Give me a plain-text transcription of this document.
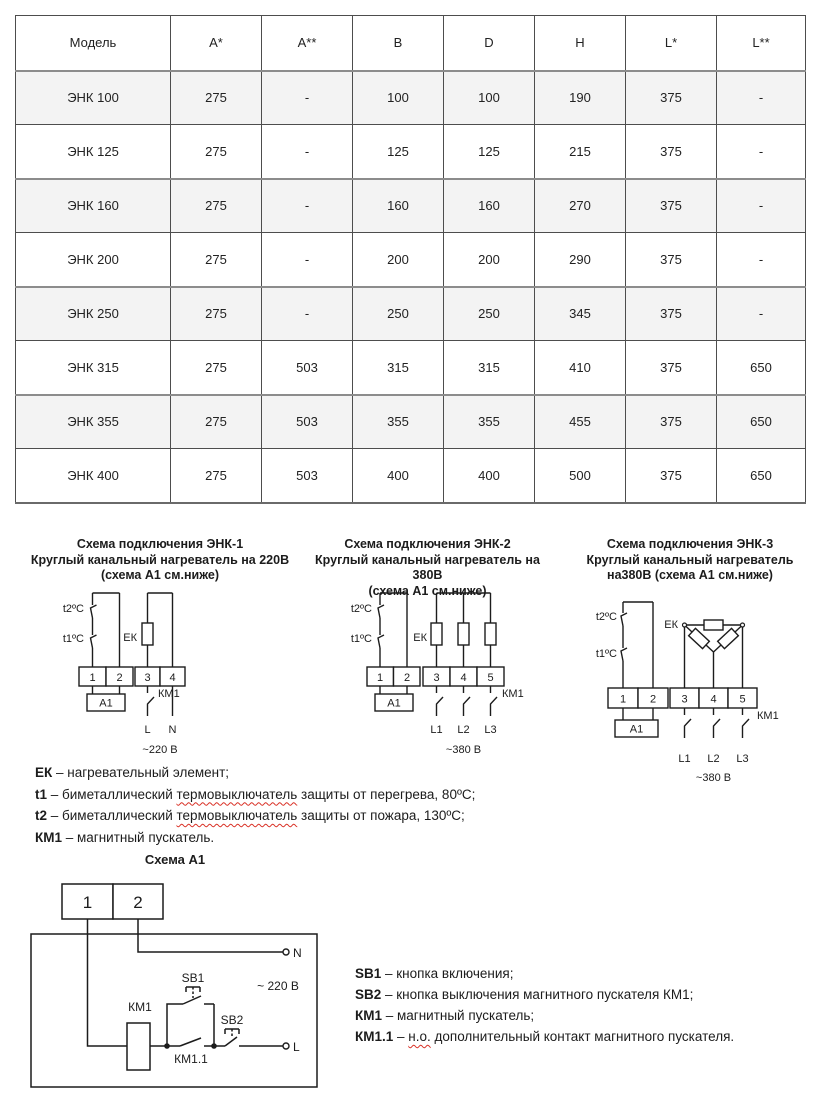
Модель	A*	A**	B	D	H	L*	L**
ЭНК 100	275	-	100	100	190	375	-
ЭНК 125	275	-	125	125	215	375	-
ЭНК 160	275	-	160	160	270	375	-
ЭНК 200	275	-	200	200	290	375	-
ЭНК 250	275	-	250	250	345	375	-
ЭНК 315	275	503	315	315	410	375	650
ЭНК 355	275	503	355	355	455	375	650
ЭНК 400	275	503	400	400	500	375	650
Схема подключения ЭНК-1
Круглый канальный нагреватель на 220В
(схема А1 см.ниже)
Схема подключения ЭНК-2
Круглый канальный нагреватель на 380В
(схема А1 см.ниже)
Схема подключения ЭНК-3
Круглый канальный нагреватель
на380В (схема А1 см.ниже)
1 2 3 4
А1
ЕК
t2ºC
t1ºC
КМ1
L N
~220 В
1 2 3 4 5
А1
ЕК
t2ºC
t1ºC
КМ1
L1 L2 L3
~380 В
1 2 3 4 5
А1
ЕК
t2ºC
t1ºC
КМ1
L1 L2 L3
~380 В
ЕК – нагревательный элемент;
t1 – биметаллический термовыключатель защиты от перегрева, 80ºС;
t2 – биметаллический термовыключатель защиты от пожара, 130ºС;
КМ1 – магнитный пускатель.
Схема А1
1 2
КМ1
SB1
SB2
КМ1.1
~ 220 В
N
L
SB1 – кнопка включения;
SB2 – кнопка выключения магнитного пускателя КМ1;
КМ1 – магнитный пускатель;
КМ1.1 – н.о. дополнительный контакт магнитного пускателя.
